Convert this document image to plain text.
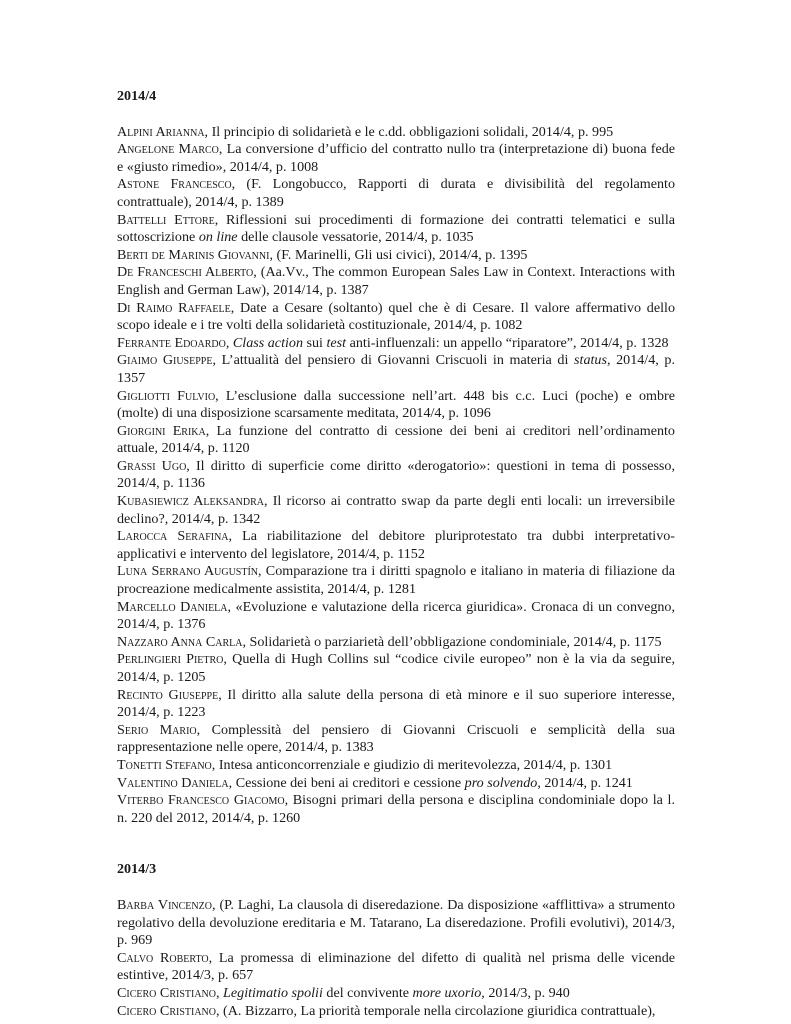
2014/4

Alpini Arianna, Il principio di solidarietà e le c.dd. obbligazioni solidali, 2014/4, p. 995

Angelone Marco, La conversione d’ufficio del contratto nullo tra (interpretazione di) buona fede e «giusto rimedio», 2014/4, p. 1008

Astone Francesco, (F. Longobucco, Rapporti di durata e divisibilità del regolamento contrattuale), 2014/4, p. 1389

Battelli Ettore, Riflessioni sui procedimenti di formazione dei contratti telematici e sulla sottoscrizione on line delle clausole vessatorie, 2014/4, p. 1035

Berti de Marinis Giovanni, (F. Marinelli, Gli usi civici), 2014/4, p. 1395

De Franceschi Alberto, (Aa.Vv., The common European Sales Law in Context. Interactions with English and German Law), 2014/14, p. 1387

Di Raimo Raffaele, Date a Cesare (soltanto) quel che è di Cesare. Il valore affermativo dello scopo ideale e i tre volti della solidarietà costituzionale, 2014/4, p. 1082

Ferrante Edoardo, Class action sui test anti-influenzali: un appello “riparatore”, 2014/4, p. 1328

Giaimo Giuseppe, L’attualità del pensiero di Giovanni Criscuoli in materia di status, 2014/4, p. 1357

Gigliotti Fulvio, L’esclusione dalla successione nell’art. 448 bis c.c. Luci (poche) e ombre (molte) di una disposizione scarsamente meditata, 2014/4, p. 1096

Giorgini Erika, La funzione del contratto di cessione dei beni ai creditori nell’ordinamento attuale, 2014/4, p. 1120

Grassi Ugo, Il diritto di superficie come diritto «derogatorio»: questioni in tema di possesso, 2014/4, p. 1136

Kubasiewicz Aleksandra, Il ricorso ai contratto swap da parte degli enti locali: un irreversibile declino?, 2014/4, p. 1342

Larocca Serafina, La riabilitazione del debitore pluriprotestato tra dubbi interpretativo-applicativi e intervento del legislatore, 2014/4, p. 1152

Luna Serrano Augustín, Comparazione tra i diritti spagnolo e italiano in materia di filiazione da procreazione medicalmente assistita, 2014/4, p. 1281

Marcello Daniela, «Evoluzione e valutazione della ricerca giuridica». Cronaca di un convegno, 2014/4, p. 1376

Nazzaro Anna Carla, Solidarietà o parziarietà dell’obbligazione condominiale, 2014/4, p. 1175

Perlingieri Pietro, Quella di Hugh Collins sul “codice civile europeo” non è la via da seguire, 2014/4, p. 1205

Recinto Giuseppe, Il diritto alla salute della persona di età minore e il suo superiore interesse, 2014/4, p. 1223

Serio Mario, Complessità del pensiero di Giovanni Criscuoli e semplicità della sua rappresentazione nelle opere, 2014/4, p. 1383

Tonetti Stefano, Intesa anticoncorrenziale e giudizio di meritevolezza, 2014/4, p. 1301

Valentino Daniela, Cessione dei beni ai creditori e cessione pro solvendo, 2014/4, p. 1241

Viterbo Francesco Giacomo, Bisogni primari della persona e disciplina condominiale dopo la l. n. 220 del 2012, 2014/4, p. 1260

2014/3

Barba Vincenzo, (P. Laghi, La clausola di diseredazione. Da disposizione «afflittiva» a strumento regolativo della devoluzione ereditaria e M. Tatarano, La diseredazione. Profili evolutivi), 2014/3, p. 969

Calvo Roberto, La promessa di eliminazione del difetto di qualità nel prisma delle vicende estintive, 2014/3, p. 657

Cicero Cristiano, Legitimatio spolii del convivente more uxorio, 2014/3, p. 940

Cicero Cristiano, (A. Bizzarro, La priorità temporale nella circolazione giuridica contrattuale),
